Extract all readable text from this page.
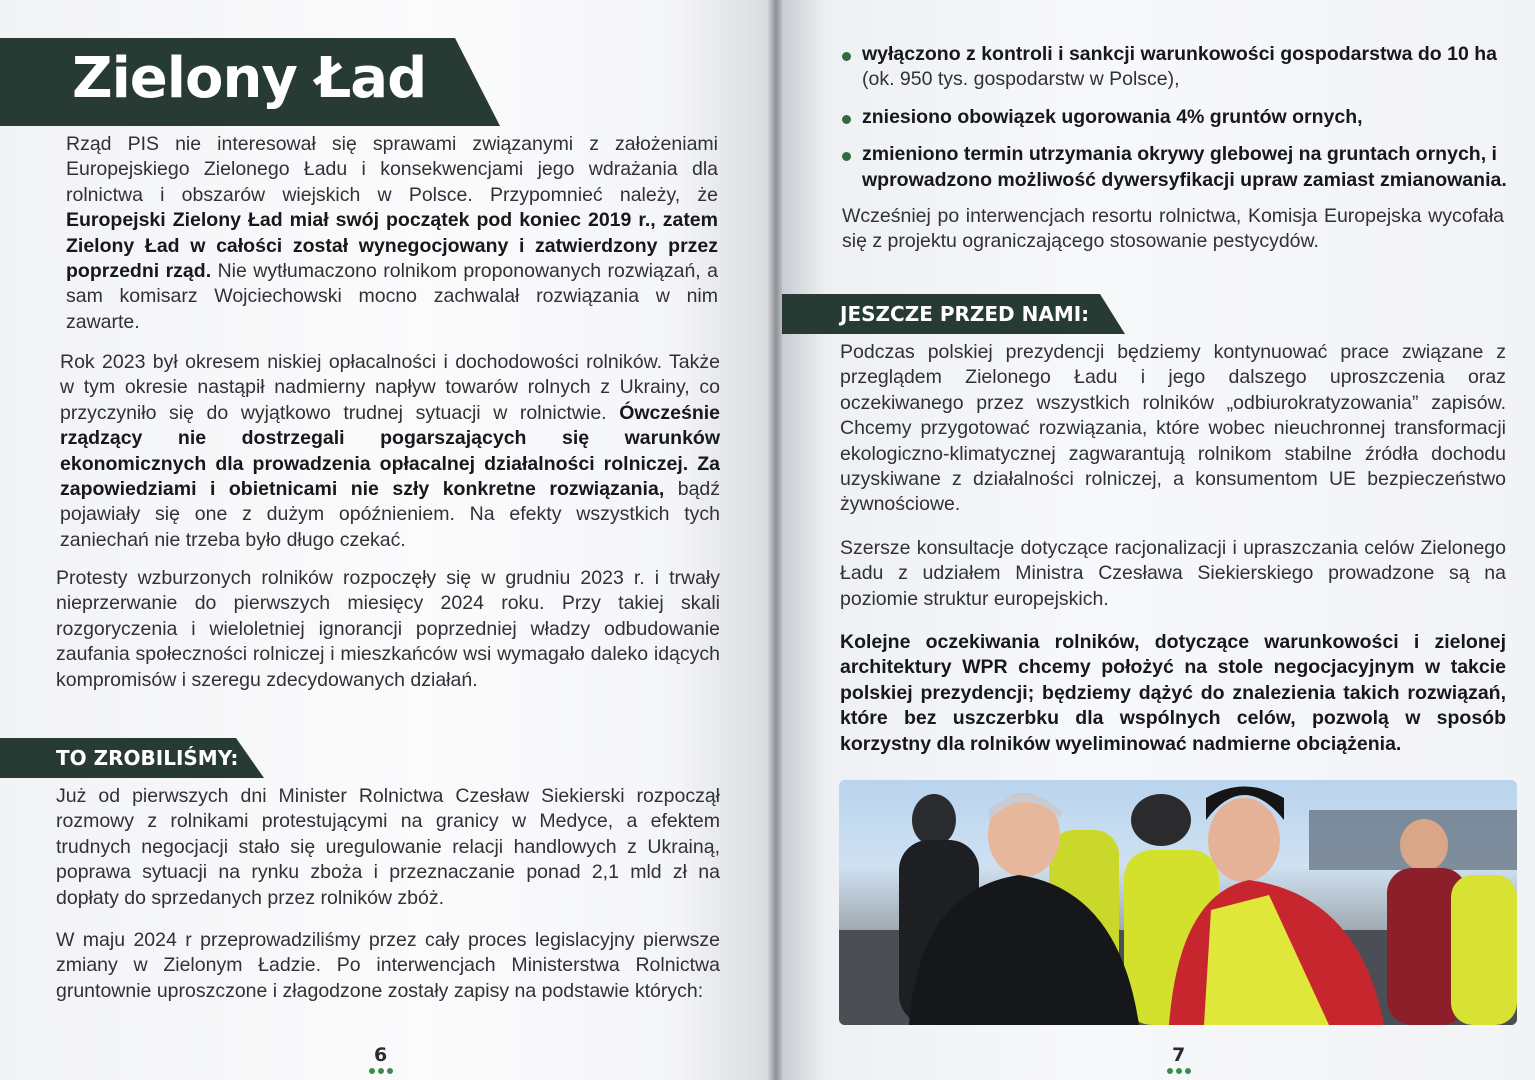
Zielony Ład

Rząd PIS nie interesował się sprawami związanymi z założeniami Europejskiego Zielonego Ładu i konsekwencjami jego wdrażania dla rolnictwa i obszarów wiejskich w Polsce. Przypomnieć należy, że Europejski Zielony Ład miał swój początek pod koniec 2019 r., zatem Zielony Ład w całości został wynegocjowany i zatwierdzony przez poprzedni rząd. Nie wytłumaczono rolnikom proponowanych rozwiązań, a sam komisarz Wojciechowski mocno zachwalał rozwiązania w nim zawarte.

Rok 2023 był okresem niskiej opłacalności i dochodowości rolników. Także w tym okresie nastąpił nadmierny napływ towarów rolnych z Ukrainy, co przyczyniło się do wyjątkowo trudnej sytuacji w rolnictwie. Ówcześnie rządzący nie dostrzegali pogarszających się warunków ekonomicznych dla prowadzenia opłacalnej działalności rolniczej. Za zapowiedziami i obietnicami nie szły konkretne rozwiązania, bądź pojawiały się one z dużym opóźnieniem. Na efekty wszystkich tych zaniechań nie trzeba było długo czekać.

Protesty wzburzonych rolników rozpoczęły się w grudniu 2023 r. i trwały nieprzerwanie do pierwszych miesięcy 2024 roku. Przy takiej skali rozgoryczenia i wieloletniej ignorancji poprzedniej władzy odbudowanie zaufania społeczności rolniczej i mieszkańców wsi wymagało daleko idących kompromisów i szeregu zdecydowanych działań.

TO ZROBILIŚMY:

Już od pierwszych dni Minister Rolnictwa Czesław Siekierski rozpoczął rozmowy z rolnikami protestującymi na granicy w Medyce, a efektem trudnych negocjacji stało się uregulowanie relacji handlowych z Ukrainą, poprawa sytuacji na rynku zboża i przeznaczanie ponad 2,1 mld zł na dopłaty do sprzedanych przez rolników zbóż.

W maju 2024 r przeprowadziliśmy przez cały proces legislacyjny pierwsze zmiany w Zielonym Ładzie. Po interwencjach Ministerstwa Rolnictwa gruntownie uproszczone i złagodzone zostały zapisy na podstawie których:

6
wyłączono z kontroli i sankcji warunkowości gospodarstwa do 10 ha (ok. 950 tys. gospodarstw w Polsce),
zniesiono obowiązek ugorowania 4% gruntów ornych,
zmieniono termin utrzymania okrywy glebowej na gruntach ornych, i wprowadzono możliwość dywersyfikacji upraw zamiast zmianowania.

Wcześniej po interwencjach resortu rolnictwa, Komisja Europejska wycofała się z projektu ograniczającego stosowanie pestycydów.

JESZCZE PRZED NAMI:

Podczas polskiej prezydencji będziemy kontynuować prace związane z przeglądem Zielonego Ładu i jego dalszego uproszczenia oraz oczekiwanego przez wszystkich rolników „odbiurokratyzowania” zapisów. Chcemy przygotować rozwiązania, które wobec nieuchronnej transformacji ekologiczno-klimatycznej zagwarantują rolnikom stabilne źródła dochodu uzyskiwane z działalności rolniczej, a konsumentom UE bezpieczeństwo żywnościowe.

Szersze konsultacje dotyczące racjonalizacji i upraszczania celów Zielonego Ładu z udziałem Ministra Czesława Siekierskiego prowadzone są na poziomie struktur europejskich.

Kolejne oczekiwania rolników, dotyczące warunkowości i zielonej architektury WPR chcemy położyć na stole negocjacyjnym w takcie polskiej prezydencji; będziemy dążyć do znalezienia takich rozwiązań, które bez uszczerbku dla wspólnych celów, pozwolą w sposób korzystny dla rolników wyeliminować nadmierne obciążenia.

7
